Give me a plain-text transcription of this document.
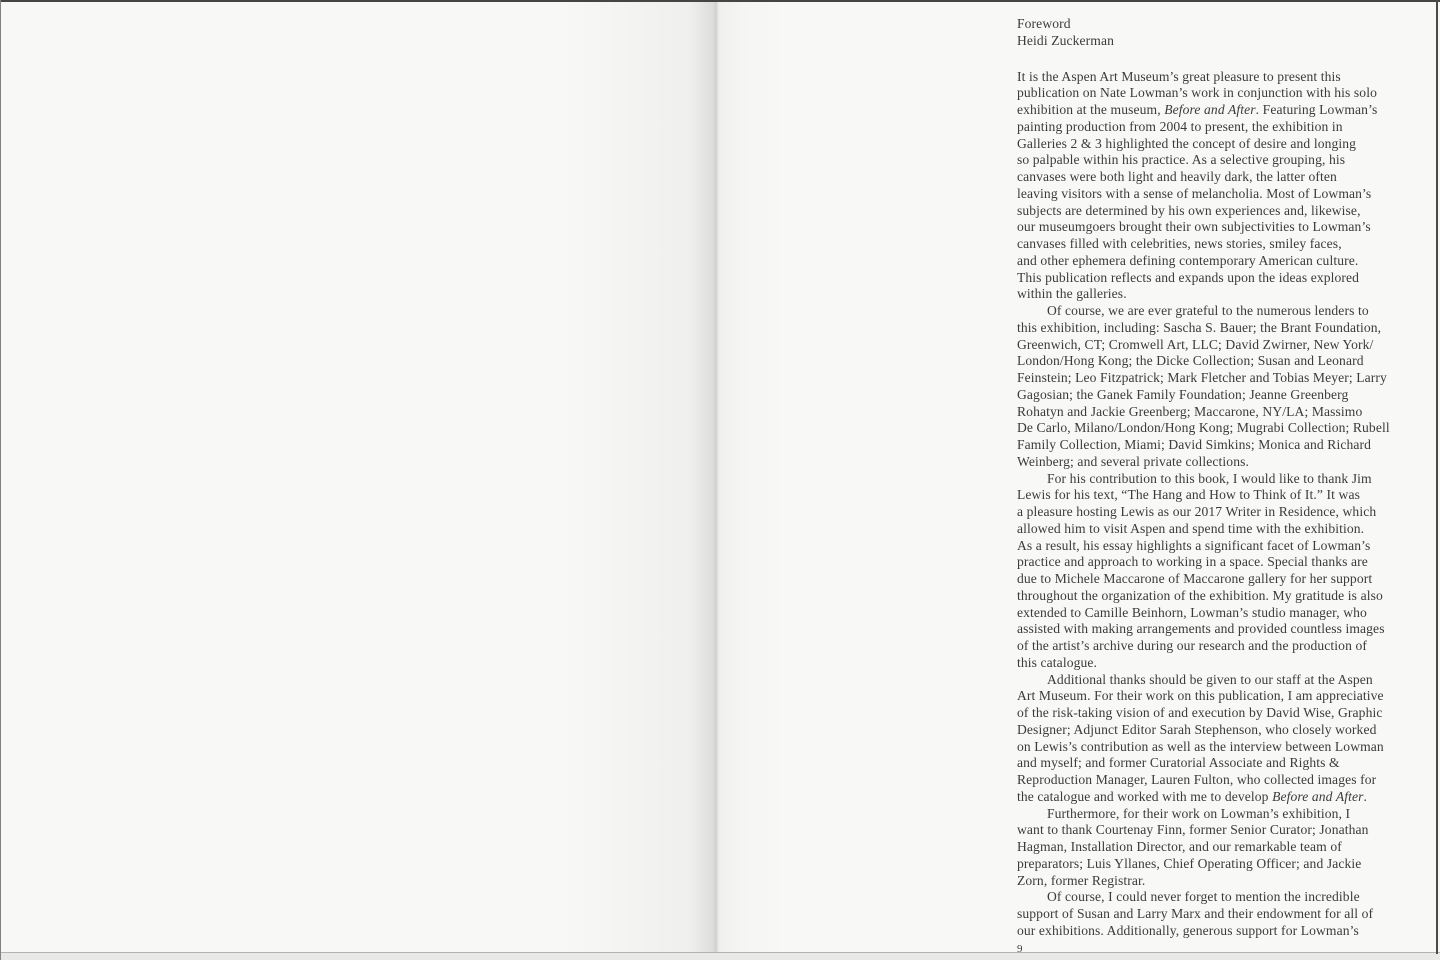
Foreword
Heidi Zuckerman

It is the Aspen Art Museum’s great pleasure to present this
publication on Nate Lowman’s work in conjunction with his solo
exhibition at the museum, Before and After. Featuring Lowman’s
painting production from 2004 to present, the exhibition in
Galleries 2 & 3 highlighted the concept of desire and longing
so palpable within his practice. As a selective grouping, his
canvases were both light and heavily dark, the latter often
leaving visitors with a sense of melancholia. Most of Lowman’s
subjects are determined by his own experiences and, likewise,
our museumgoers brought their own subjectivities to Lowman’s
canvases filled with celebrities, news stories, smiley faces,
and other ephemera defining contemporary American culture.
This publication reflects and expands upon the ideas explored
within the galleries.

Of course, we are ever grateful to the numerous lenders to
this exhibition, including: Sascha S. Bauer; the Brant Foundation,
Greenwich, CT; Cromwell Art, LLC; David Zwirner, New York/
London/Hong Kong; the Dicke Collection; Susan and Leonard
Feinstein; Leo Fitzpatrick; Mark Fletcher and Tobias Meyer; Larry
Gagosian; the Ganek Family Foundation; Jeanne Greenberg
Rohatyn and Jackie Greenberg; Maccarone, NY/LA; Massimo
De Carlo, Milano/London/Hong Kong; Mugrabi Collection; Rubell
Family Collection, Miami; David Simkins; Monica and Richard
Weinberg; and several private collections.

For his contribution to this book, I would like to thank Jim
Lewis for his text, “The Hang and How to Think of It.” It was
a pleasure hosting Lewis as our 2017 Writer in Residence, which
allowed him to visit Aspen and spend time with the exhibition.
As a result, his essay highlights a significant facet of Lowman’s
practice and approach to working in a space. Special thanks are
due to Michele Maccarone of Maccarone gallery for her support
throughout the organization of the exhibition. My gratitude is also
extended to Camille Beinhorn, Lowman’s studio manager, who
assisted with making arrangements and provided countless images
of the artist’s archive during our research and the production of
this catalogue.

Additional thanks should be given to our staff at the Aspen
Art Museum. For their work on this publication, I am appreciative
of the risk-taking vision of and execution by David Wise, Graphic
Designer; Adjunct Editor Sarah Stephenson, who closely worked
on Lewis’s contribution as well as the interview between Lowman
and myself; and former Curatorial Associate and Rights &
Reproduction Manager, Lauren Fulton, who collected images for
the catalogue and worked with me to develop Before and After.

Furthermore, for their work on Lowman’s exhibition, I
want to thank Courtenay Finn, former Senior Curator; Jonathan
Hagman, Installation Director, and our remarkable team of
preparators; Luis Yllanes, Chief Operating Officer; and Jackie
Zorn, former Registrar.

Of course, I could never forget to mention the incredible
support of Susan and Larry Marx and their endowment for all of
our exhibitions. Additionally, generous support for Lowman’s

9
